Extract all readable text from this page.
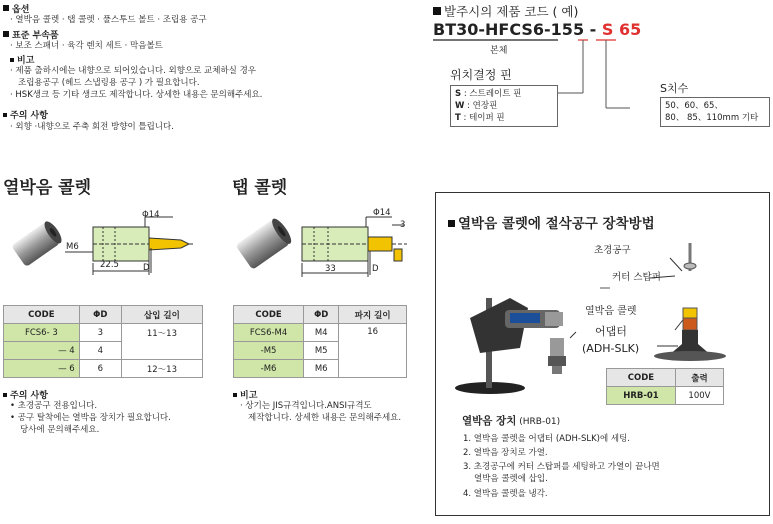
옵션
· 열박음 콜렛 · 탭 콜렛 · 풀스투드 볼트 · 조립용 공구
표준 부속품
· 보조 스패너 · 육각 렌치 세트 · 막음볼트
비고
· 제품 출하시에는 내향으로 되어있습니다. 외향으로 교체하실 경우
조립용공구 (헤드 스냅링용 공구 ) 가 필요합니다.
· HSK생크 등 기타 생크도 제작합니다. 상세한 내용은 문의해주세요.
주의 사항
· 외향 ·내향으로 주축 회전 방향이 틀립니다.
발주시의 제품 코드 ( 예)
BT30-HFCS6-155 - S 65
본체
위치결정 핀
S : 스트레이트 핀
W : 연장핀
T : 테이퍼 핀
S치수
50、60、65、
80、 85、110mm 기타
열박음 콜렛
Φ14
M6
22.5	D
CODE	ΦD	삽입 길이
FCS6- 3	3	11～13
— 4	4	
— 6	6	12～13
주의 사항
• 초경공구 전용입니다.
• 공구 탈착에는 열박음 장치가 필요합니다.
당사에 문의해주세요.
탭 콜렛
Φ14
3
33	D
CODE	ΦD	파지 길이
FCS6-M4	M4	16
-M5	M5	
-M6	M6	
비고
· 상기는 JIS규격입니다.ANSI규격도
제작합니다. 상세한 내용은 문의해주세요.
열박음 콜렛에 절삭공구 장착방법
초경공구
커터 스탑퍼
열박음 콜렛
어댑터
(ADH-SLK)
CODE	출력
HRB-01	100V
열박음 장치 (HRB-01)
1. 열박음 콜렛을 어댑터 (ADH-SLK)에 세팅.
2. 열박음 장치로 가열.
3. 초경공구에 커터 스탑퍼를 세팅하고 가열이 끝나면
열박음 콜렛에 삽입.
4. 열박음 콜렛을 냉각.
